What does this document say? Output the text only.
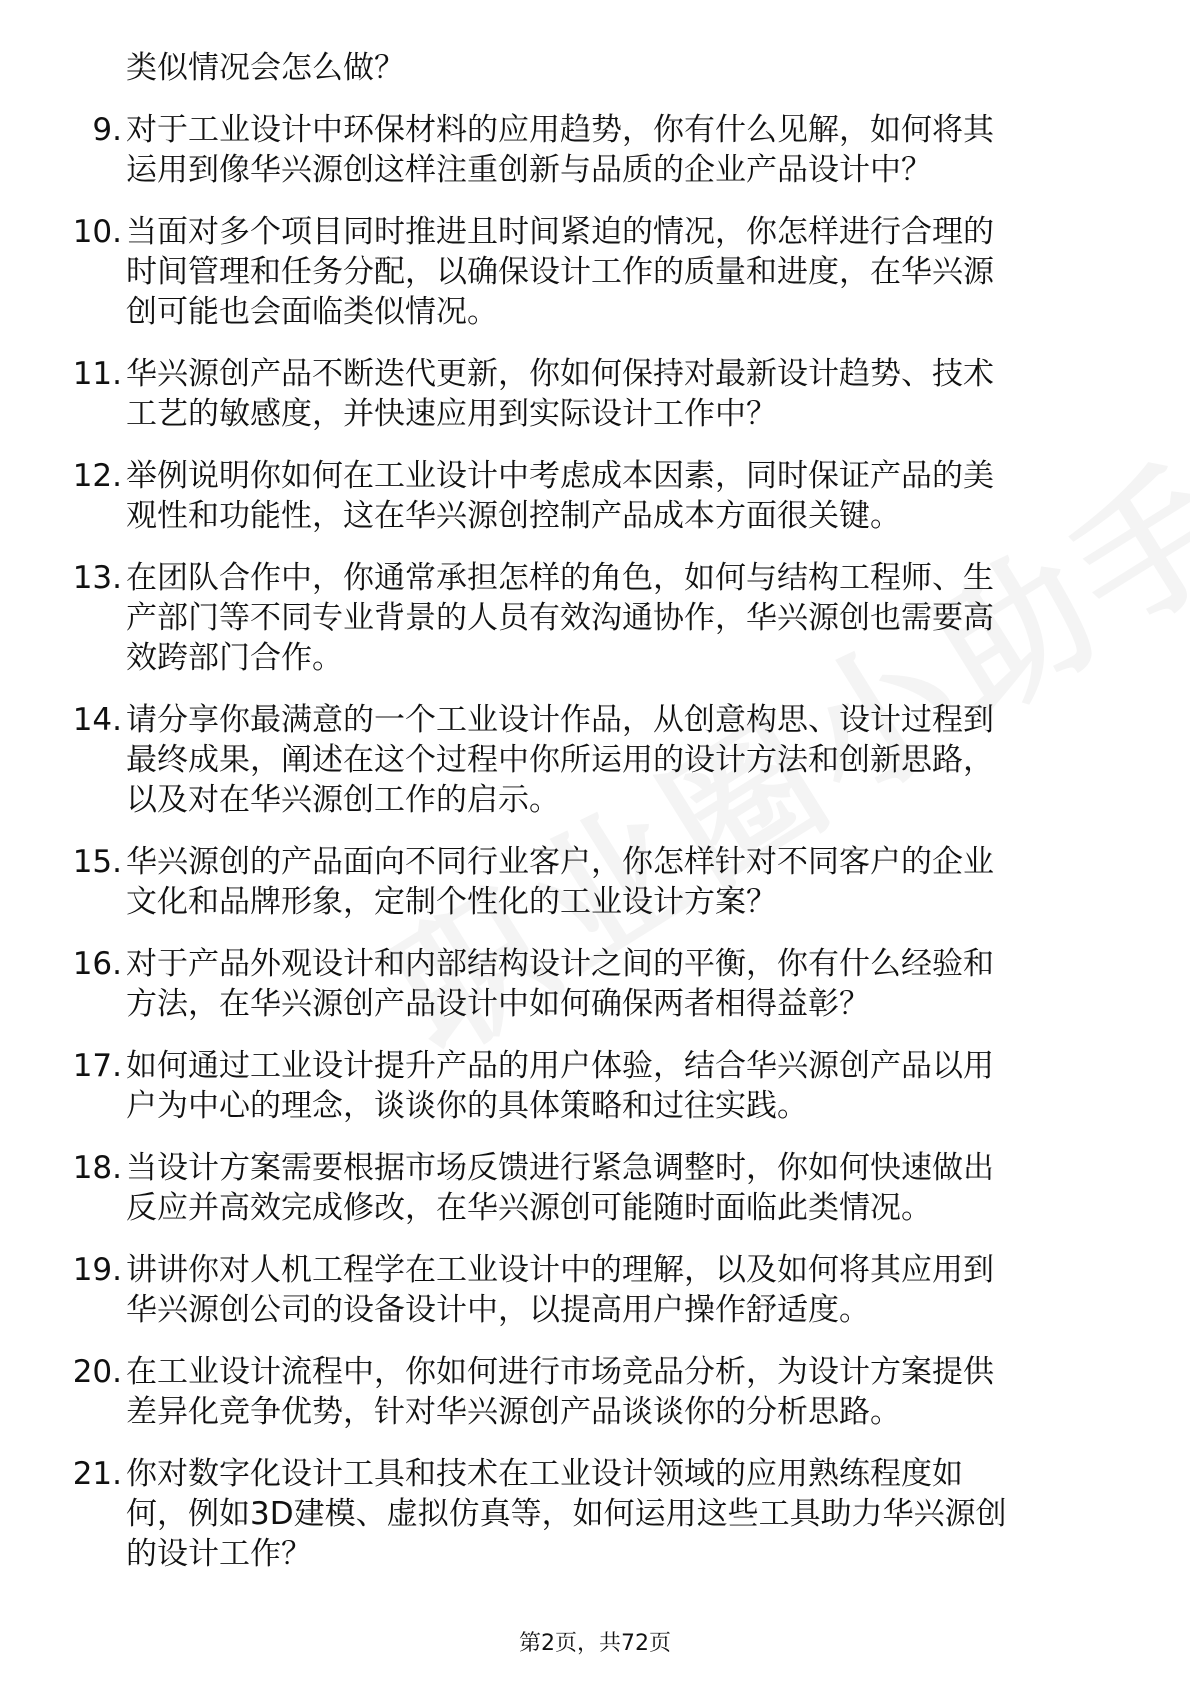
类似情况会怎么做？
9. 对于工业设计中环保材料的应用趋势，你有什么见解，如何将其
运用到像华兴源创这样注重创新与品质的企业产品设计中？
10. 当面对多个项目同时推进且时间紧迫的情况，你怎样进行合理的
时间管理和任务分配，以确保设计工作的质量和进度，在华兴源
创可能也会面临类似情况。
11. 华兴源创产品不断迭代更新，你如何保持对最新设计趋势、技术
工艺的敏感度，并快速应用到实际设计工作中？
12. 举例说明你如何在工业设计中考虑成本因素，同时保证产品的美
观性和功能性，这在华兴源创控制产品成本方面很关键。
13. 在团队合作中，你通常承担怎样的角色，如何与结构工程师、生
产部门等不同专业背景的人员有效沟通协作，华兴源创也需要高
效跨部门合作。
14. 请分享你最满意的一个工业设计作品，从创意构思、设计过程到
最终成果，阐述在这个过程中你所运用的设计方法和创新思路，
以及对在华兴源创工作的启示。
15. 华兴源创的产品面向不同行业客户，你怎样针对不同客户的企业
文化和品牌形象，定制个性化的工业设计方案？
16. 对于产品外观设计和内部结构设计之间的平衡，你有什么经验和
方法，在华兴源创产品设计中如何确保两者相得益彰？
17. 如何通过工业设计提升产品的用户体验，结合华兴源创产品以用
户为中心的理念，谈谈你的具体策略和过往实践。
18. 当设计方案需要根据市场反馈进行紧急调整时，你如何快速做出
反应并高效完成修改，在华兴源创可能随时面临此类情况。
19. 讲讲你对人机工程学在工业设计中的理解，以及如何将其应用到
华兴源创公司的设备设计中，以提高用户操作舒适度。
20. 在工业设计流程中，你如何进行市场竞品分析，为设计方案提供
差异化竞争优势，针对华兴源创产品谈谈你的分析思路。
21. 你对数字化设计工具和技术在工业设计领域的应用熟练程度如
何，例如3D建模、虚拟仿真等，如何运用这些工具助力华兴源创
的设计工作？
第2页，共72页
